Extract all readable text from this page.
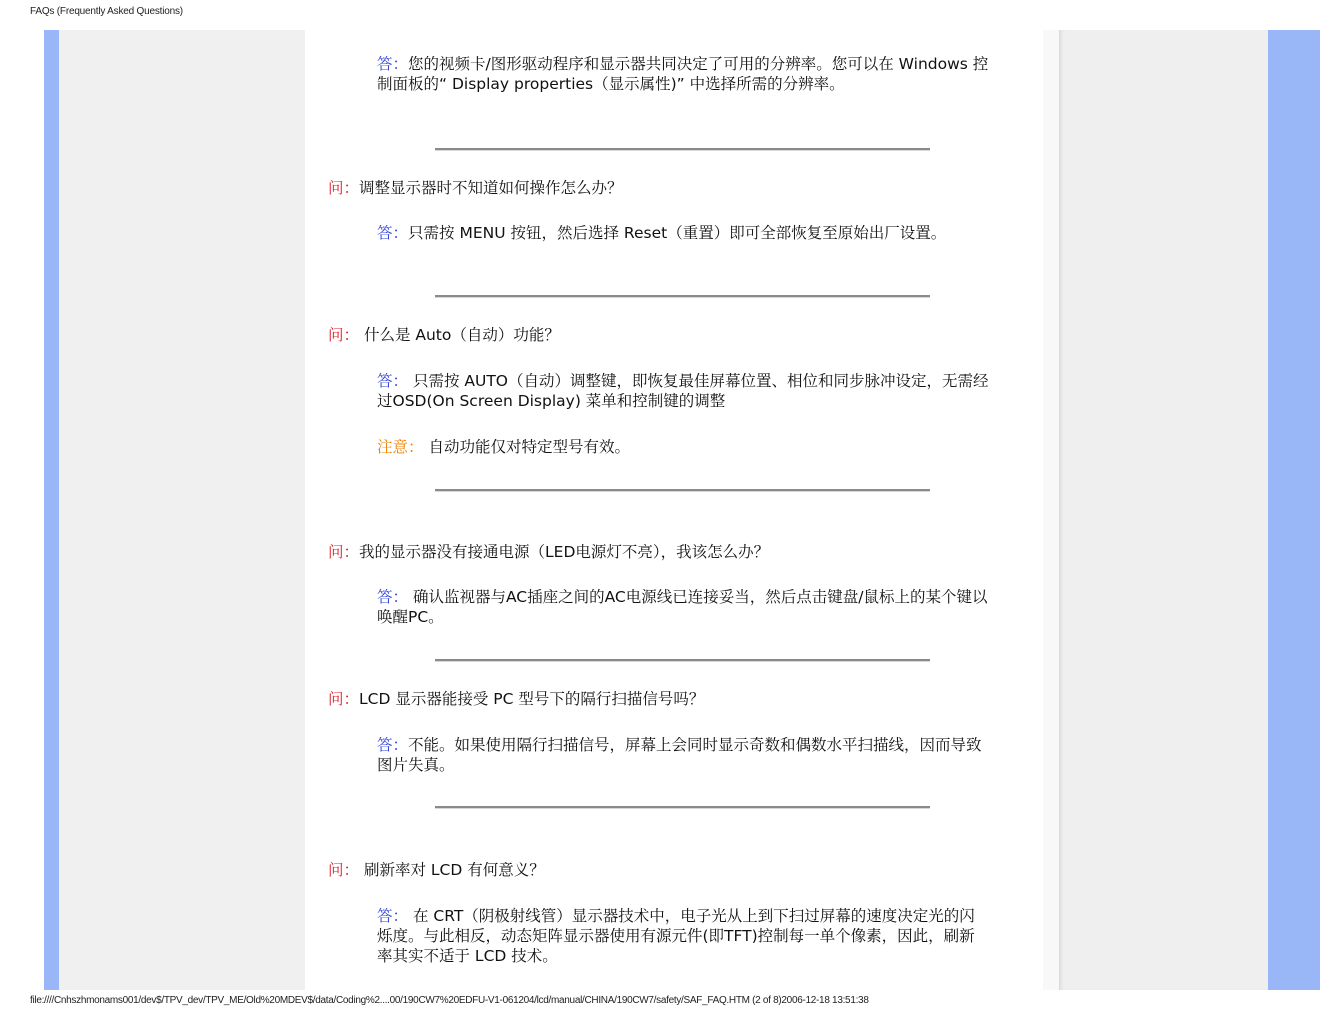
FAQs (Frequently Asked Questions)
答：您的视频卡/图形驱动程序和显示器共同决定了可用的分辨率。您可以在 Windows 控制面板的“ Display properties（显示属性)” 中选择所需的分辨率。
问：调整显示器时不知道如何操作怎么办？
答：只需按 MENU 按钮，然后选择 Reset（重置）即可全部恢复至原始出厂设置。
问： 什么是 Auto（自动）功能？
答： 只需按 AUTO（自动）调整键，即恢复最佳屏幕位置、相位和同步脉冲设定，无需经过OSD(On Screen Display) 菜单和控制键的调整
注意： 自动功能仅对特定型号有效。
问：我的显示器没有接通电源（LED电源灯不亮），我该怎么办？
答： 确认监视器与AC插座之间的AC电源线已连接妥当，然后点击键盘/鼠标上的某个键以唤醒PC。
问：LCD 显示器能接受 PC 型号下的隔行扫描信号吗？
答：不能。如果使用隔行扫描信号，屏幕上会同时显示奇数和偶数水平扫描线，因而导致图片失真。
问： 刷新率对 LCD 有何意义？
答： 在 CRT（阴极射线管）显示器技术中，电子光从上到下扫过屏幕的速度决定光的闪烁度。与此相反，动态矩阵显示器使用有源元件(即TFT)控制每一单个像素，因此，刷新率其实不适于 LCD 技术。
file:////Cnhszhmonams001/dev$/TPV_dev/TPV_ME/Old%20MDEV$/data/Coding%2....00/190CW7%20EDFU-V1-061204/lcd/manual/CHINA/190CW7/safety/SAF_FAQ.HTM (2 of 8)2006-12-18 13:51:38
